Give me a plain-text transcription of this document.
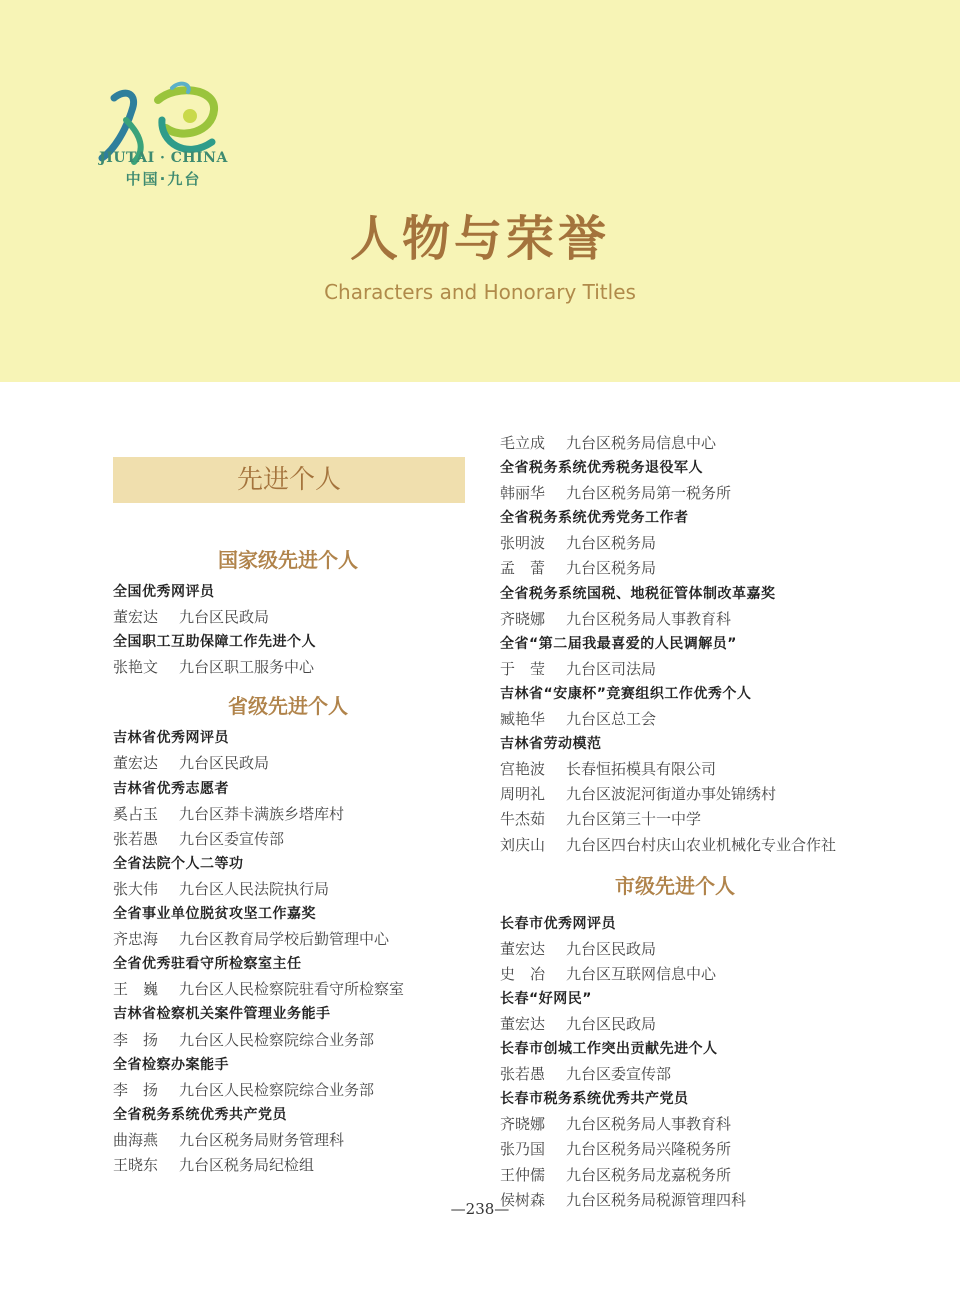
JIUTAI · CHINA
中国·九台
人物与荣誉
Characters and Honorary Titles
先进个人
国家级先进个人
全国优秀网评员
董宏达 九台区民政局
全国职工互助保障工作先进个人
张艳文 九台区职工服务中心
省级先进个人
吉林省优秀网评员
董宏达 九台区民政局
吉林省优秀志愿者
奚占玉 九台区莽卡满族乡塔库村
张若愚 九台区委宣传部
全省法院个人二等功
张大伟 九台区人民法院执行局
全省事业单位脱贫攻坚工作嘉奖
齐忠海 九台区教育局学校后勤管理中心
全省优秀驻看守所检察室主任
王　巍 九台区人民检察院驻看守所检察室
吉林省检察机关案件管理业务能手
李　扬 九台区人民检察院综合业务部
全省检察办案能手
李　扬 九台区人民检察院综合业务部
全省税务系统优秀共产党员
曲海燕 九台区税务局财务管理科
王晓东 九台区税务局纪检组
毛立成 九台区税务局信息中心
全省税务系统优秀税务退役军人
韩丽华 九台区税务局第一税务所
全省税务系统优秀党务工作者
张明波 九台区税务局
孟　蕾 九台区税务局
全省税务系统国税、地税征管体制改革嘉奖
齐晓娜 九台区税务局人事教育科
全省“第二届我最喜爱的人民调解员”
于　莹 九台区司法局
吉林省“安康杯”竞赛组织工作优秀个人
臧艳华 九台区总工会
吉林省劳动模范
宫艳波 长春恒拓模具有限公司
周明礼 九台区波泥河街道办事处锦绣村
牛杰茹 九台区第三十一中学
刘庆山 九台区四台村庆山农业机械化专业合作社
市级先进个人
长春市优秀网评员
董宏达 九台区民政局
史　冶 九台区互联网信息中心
长春“好网民”
董宏达 九台区民政局
长春市创城工作突出贡献先进个人
张若愚 九台区委宣传部
长春市税务系统优秀共产党员
齐晓娜 九台区税务局人事教育科
张乃国 九台区税务局兴隆税务所
王仲儒 九台区税务局龙嘉税务所
侯树森 九台区税务局税源管理四科
—238—
